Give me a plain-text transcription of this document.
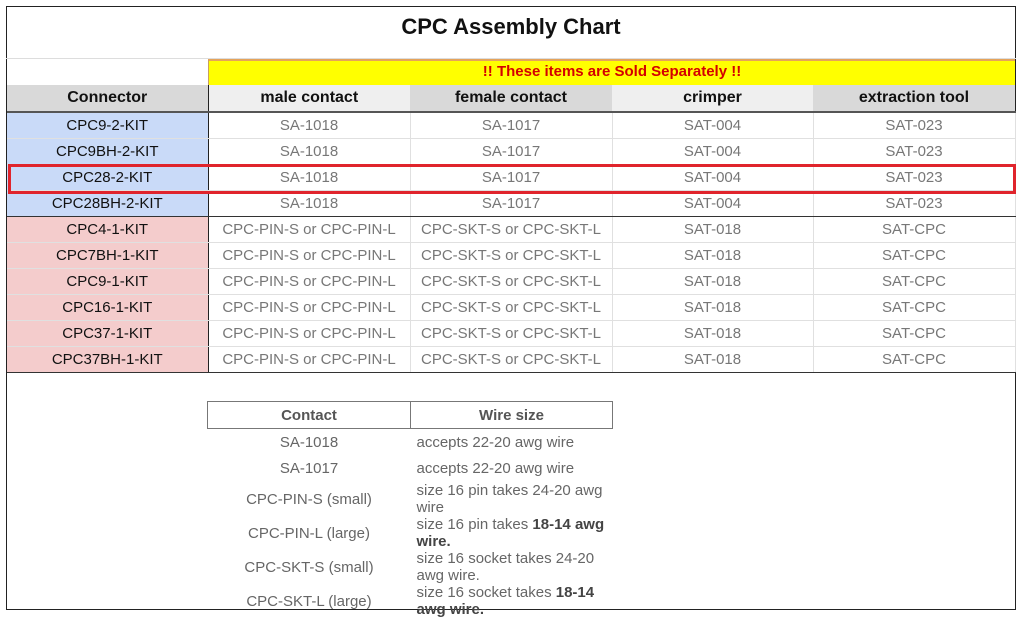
CPC Assembly Chart
!! These items are Sold Separately !!
Connector	male contact	female contact	crimper	extraction tool
CPC9-2-KIT	SA-1018	SA-1017	SAT-004	SAT-023
CPC9BH-2-KIT	SA-1018	SA-1017	SAT-004	SAT-023
CPC28-2-KIT	SA-1018	SA-1017	SAT-004	SAT-023
CPC28BH-2-KIT	SA-1018	SA-1017	SAT-004	SAT-023
CPC4-1-KIT	CPC-PIN-S or CPC-PIN-L	CPC-SKT-S or CPC-SKT-L	SAT-018	SAT-CPC
CPC7BH-1-KIT	CPC-PIN-S or CPC-PIN-L	CPC-SKT-S or CPC-SKT-L	SAT-018	SAT-CPC
CPC9-1-KIT	CPC-PIN-S or CPC-PIN-L	CPC-SKT-S or CPC-SKT-L	SAT-018	SAT-CPC
CPC16-1-KIT	CPC-PIN-S or CPC-PIN-L	CPC-SKT-S or CPC-SKT-L	SAT-018	SAT-CPC
CPC37-1-KIT	CPC-PIN-S or CPC-PIN-L	CPC-SKT-S or CPC-SKT-L	SAT-018	SAT-CPC
CPC37BH-1-KIT	CPC-PIN-S or CPC-PIN-L	CPC-SKT-S or CPC-SKT-L	SAT-018	SAT-CPC
Contact	Wire size
SA-1018	accepts 22-20 awg wire
SA-1017	accepts 22-20 awg wire
CPC-PIN-S (small)	size 16 pin takes 24-20 awg wire
CPC-PIN-L (large)	size 16 pin takes 18-14 awg wire.
CPC-SKT-S (small)	size 16 socket takes 24-20 awg wire.
CPC-SKT-L (large)	size 16 socket takes 18-14 awg wire.
